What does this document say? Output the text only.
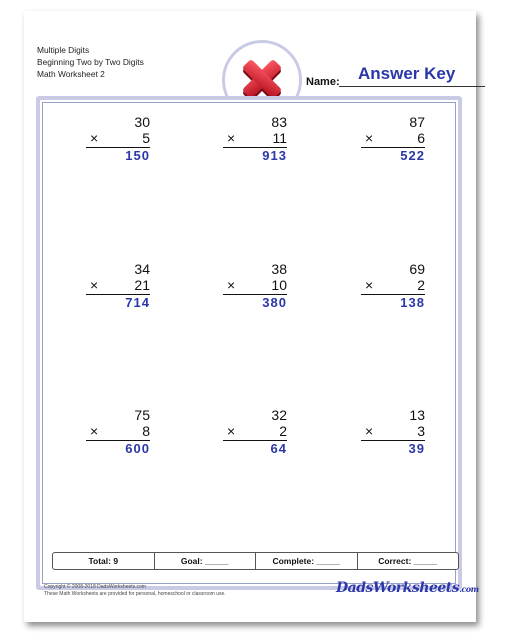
Multiple Digits
Beginning Two by Two Digits
Math Worksheet 2
Name: Answer Key
30
×	5
150
83
×	11
913
87
×	6
522
34
×	21
714
38
×	10
380
69
×	2
138
75
×	8
600
32
×	2
64
13
×	3
39
Total: 9	Goal: _____	Complete: _____	Correct: _____
Copyright © 2008-2018 DadsWorksheets.com
These Math Worksheets are provided for personal, homeschool or classroom use.	DadsWorksheets.com
